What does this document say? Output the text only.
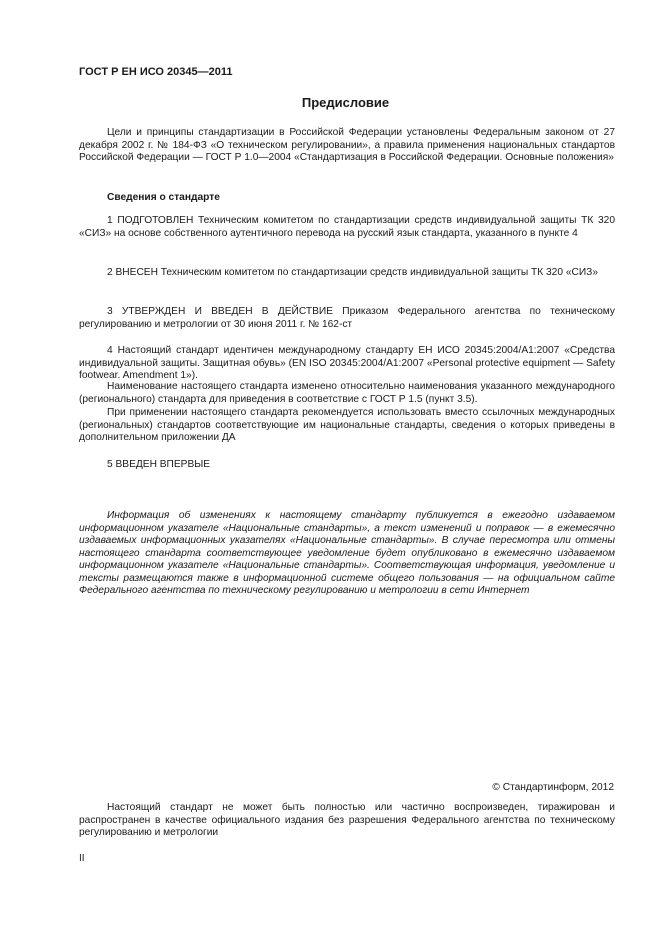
ГОСТ Р ЕН ИСО 20345—2011
Предисловие

Цели и принципы стандартизации в Российской Федерации установлены Федеральным законом от 27 декабря 2002 г. № 184-ФЗ «О техническом регулировании», а правила применения национальных стандартов Российской Федерации — ГОСТ Р 1.0—2004 «Стандартизация в Российской Федерации. Основные положения»

Сведения о стандарте

1 ПОДГОТОВЛЕН Техническим комитетом по стандартизации средств индивидуальной защиты ТК 320 «СИЗ» на основе собственного аутентичного перевода на русский язык стандарта, указанного в пункте 4

2 ВНЕСЕН Техническим комитетом по стандартизации средств индивидуальной защиты ТК 320 «СИЗ»

3 УТВЕРЖДЕН И ВВЕДЕН В ДЕЙСТВИЕ Приказом Федерального агентства по техническому регулированию и метрологии от 30 июня 2011 г. № 162-ст

4 Настоящий стандарт идентичен международному стандарту ЕН ИСО 20345:2004/А1:2007 «Средства индивидуальной защиты. Защитная обувь» (EN ISO 20345:2004/A1:2007 «Personal protective equipment — Safety footwear. Amendment 1»).

Наименование настоящего стандарта изменено относительно наименования указанного международного (регионального) стандарта для приведения в соответствие с ГОСТ Р 1.5 (пункт 3.5).

При применении настоящего стандарта рекомендуется использовать вместо ссылочных международных (региональных) стандартов соответствующие им национальные стандарты, сведения о которых приведены в дополнительном приложении ДА

5 ВВЕДЕН ВПЕРВЫЕ

Информация об изменениях к настоящему стандарту публикуется в ежегодно издаваемом информационном указателе «Национальные стандарты», а текст изменений и поправок — в ежемесячно издаваемых информационных указателях «Национальные стандарты». В случае пересмотра или отмены настоящего стандарта соответствующее уведомление будет опубликовано в ежемесячно издаваемом информационном указателе «Национальные стандарты». Соответствующая информация, уведомление и тексты размещаются также в информационной системе общего пользования — на официальном сайте Федерального агентства по техническому регулированию и метрологии в сети Интернет

© Стандартинформ, 2012

Настоящий стандарт не может быть полностью или частично воспроизведен, тиражирован и распространен в качестве официального издания без разрешения Федерального агентства по техническому регулированию и метрологии

II
